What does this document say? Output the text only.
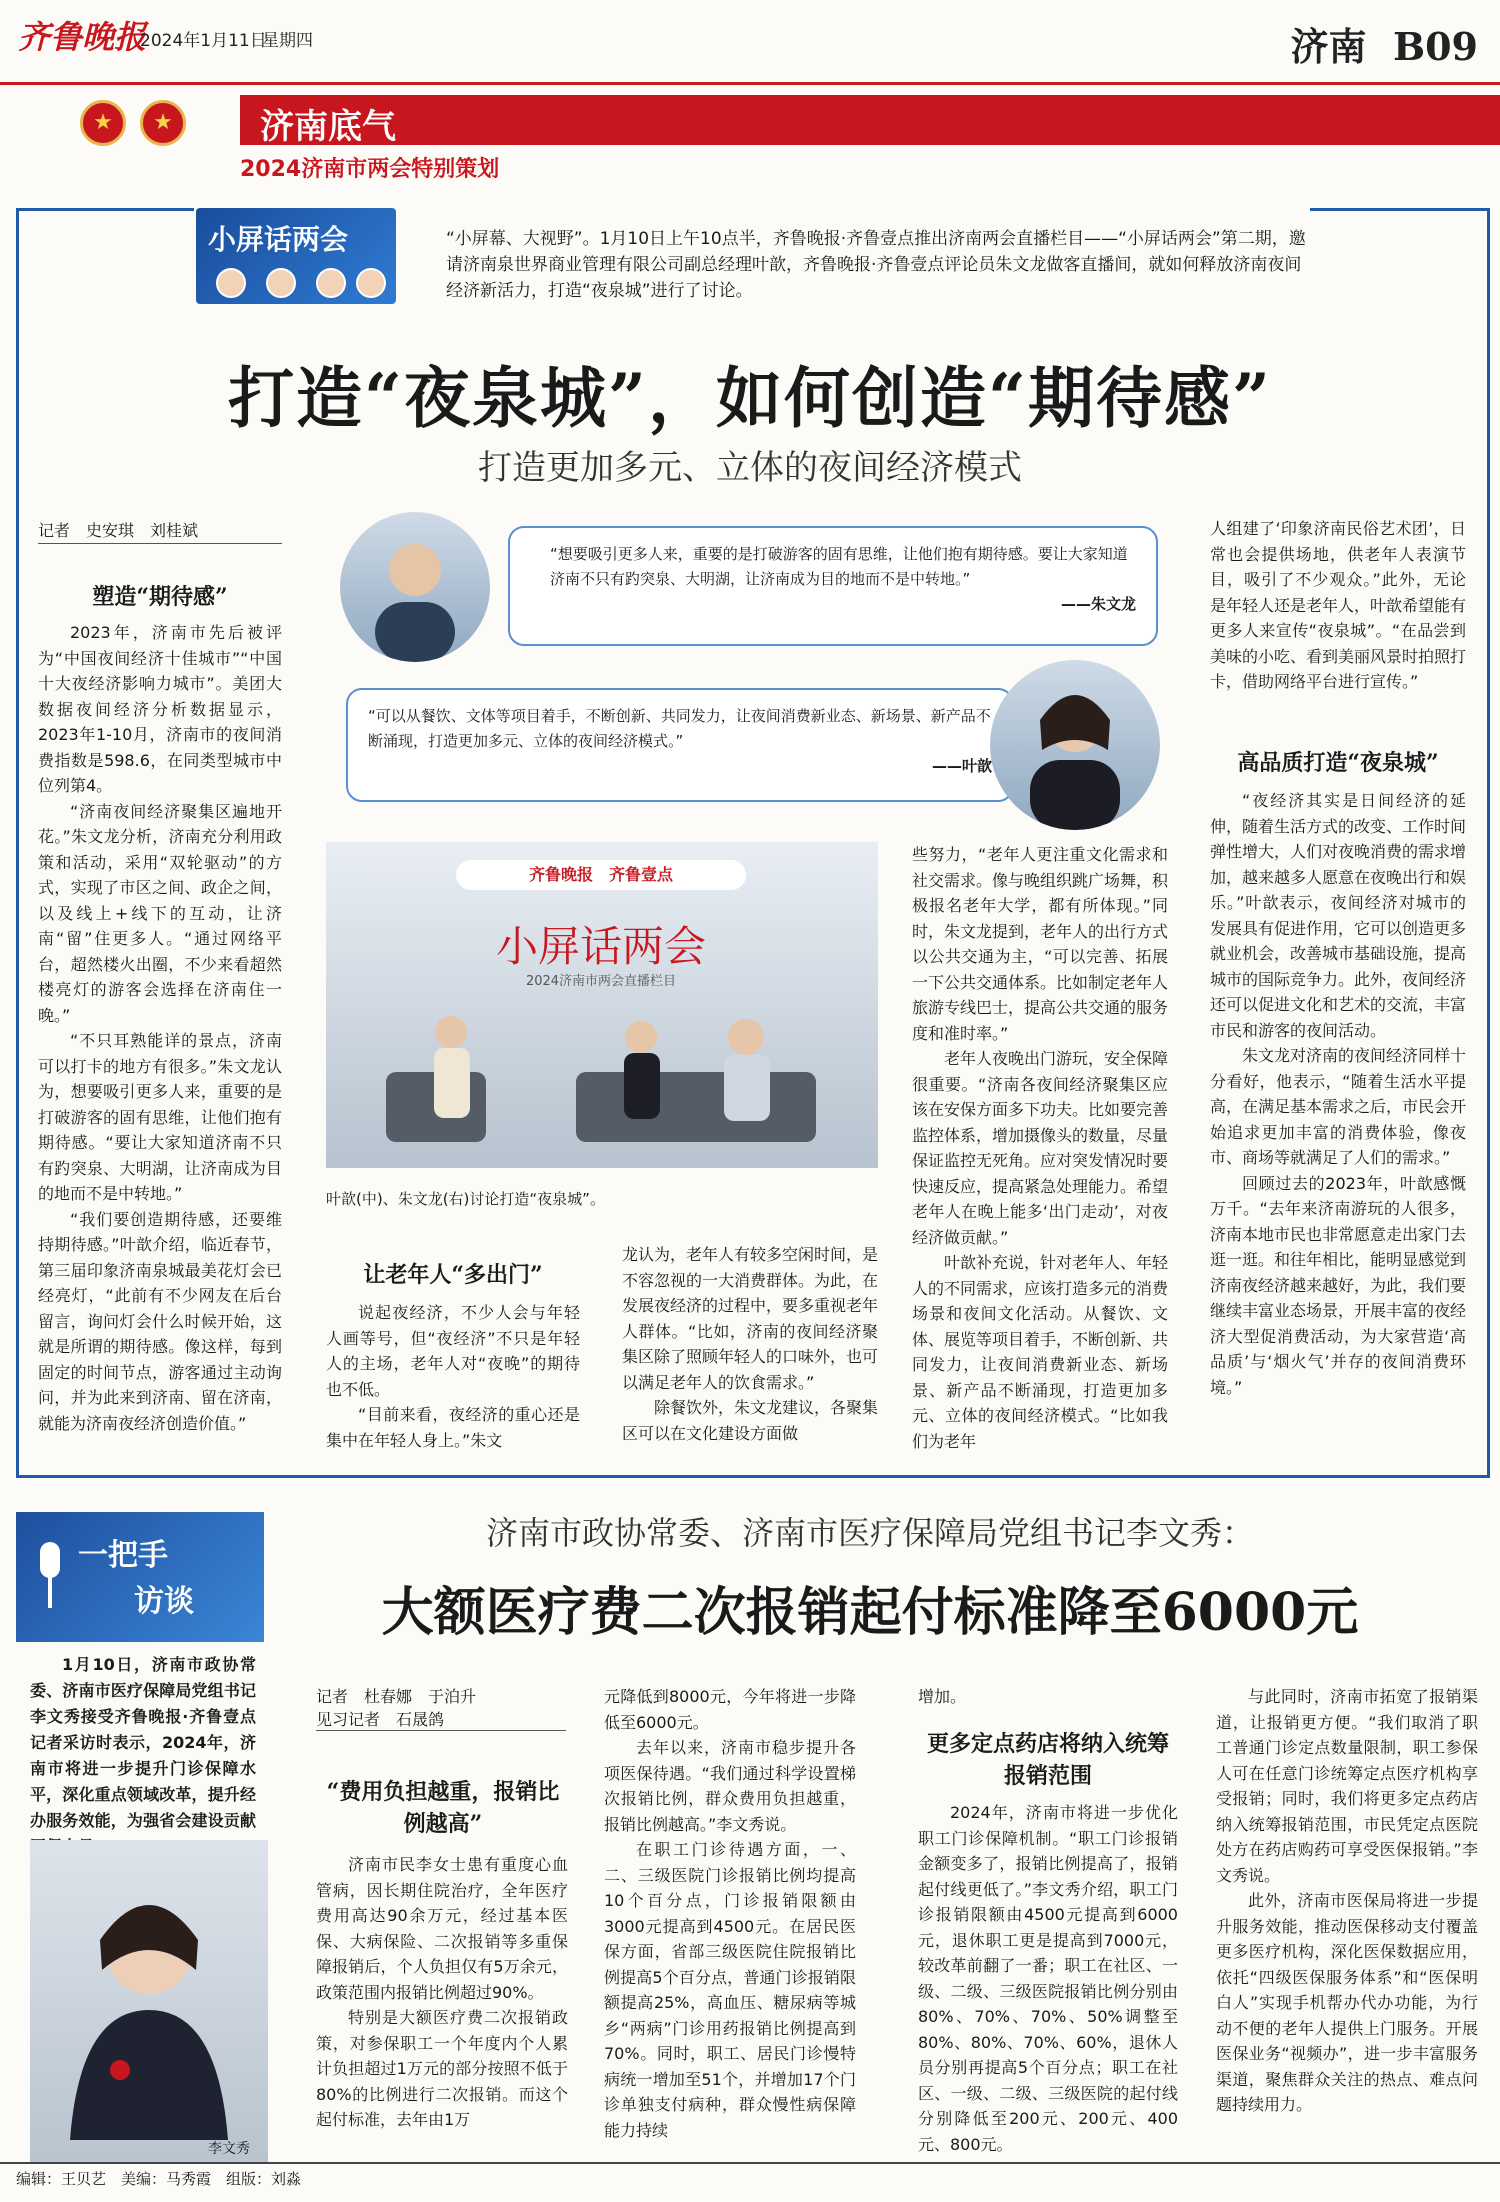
齐鲁晚报
2024年1月11日
星期四	济南 B09
★
★
济南底气
2024济南市两会特别策划
小屏话两会	“小屏幕、大视野”。1月10日上午10点半，齐鲁晚报·齐鲁壹点推出济南两会直播栏目——“小屏话两会”第二期，邀请济南泉世界商业管理有限公司副总经理叶歆，齐鲁晚报·齐鲁壹点评论员朱文龙做客直播间，就如何释放济南夜间经济新活力，打造“夜泉城”进行了讨论。
打造“夜泉城”，如何创造“期待感”
打造更加多元、立体的夜间经济模式
记者　史安琪　刘桂斌
“想要吸引更多人来，重要的是打破游客的固有思维，让他们抱有期待感。要让大家知道济南不只有趵突泉、大明湖，让济南成为目的地而不是中转地。”
——朱文龙
“可以从餐饮、文体等项目着手，不断创新、共同发力，让夜间消费新业态、新场景、新产品不断涌现，打造更加多元、立体的夜间经济模式。”
——叶歆
塑造“期待感”

2023年，济南市先后被评为“中国夜间经济十佳城市”“中国十大夜经济影响力城市”。美团大数据夜间经济分析数据显示，2023年1-10月，济南市的夜间消费指数是598.6，在同类型城市中位列第4。

“济南夜间经济聚集区遍地开花。”朱文龙分析，济南充分利用政策和活动，采用“双轮驱动”的方式，实现了市区之间、政企之间，以及线上+线下的互动，让济南“留”住更多人。“通过网络平台，超然楼火出圈，不少来看超然楼亮灯的游客会选择在济南住一晚。”

“不只耳熟能详的景点，济南可以打卡的地方有很多。”朱文龙认为，想要吸引更多人来，重要的是打破游客的固有思维，让他们抱有期待感。“要让大家知道济南不只有趵突泉、大明湖，让济南成为目的地而不是中转地。”

“我们要创造期待感，还要维持期待感。”叶歆介绍，临近春节，第三届印象济南泉城最美花灯会已经亮灯，“此前有不少网友在后台留言，询问灯会什么时候开始，这就是所谓的期待感。像这样，每到固定的时间节点，游客通过主动询问，并为此来到济南、留在济南，就能为济南夜经济创造价值。”

齐鲁晚报　齐鲁壹点
小屏话两会
2024济南市两会直播栏目
叶歆(中)、朱文龙(右)讨论打造“夜泉城”。
让老年人“多出门”

说起夜经济，不少人会与年轻人画等号，但“夜经济”不只是年轻人的主场，老年人对“夜晚”的期待也不低。

“目前来看，夜经济的重心还是集中在年轻人身上。”朱文

龙认为，老年人有较多空闲时间，是不容忽视的一大消费群体。为此，在发展夜经济的过程中，要多重视老年人群体。“比如，济南的夜间经济聚集区除了照顾年轻人的口味外，也可以满足老年人的饮食需求。”

除餐饮外，朱文龙建议，各聚集区可以在文化建设方面做

些努力，“老年人更注重文化需求和社交需求。像与晚组织跳广场舞，积极报名老年大学，都有所体现。”同时，朱文龙提到，老年人的出行方式以公共交通为主，“可以完善、拓展一下公共交通体系。比如制定老年人旅游专线巴士，提高公共交通的服务度和准时率。”

老年人夜晚出门游玩，安全保障很重要。“济南各夜间经济聚集区应该在安保方面多下功夫。比如要完善监控体系，增加摄像头的数量，尽量保证监控无死角。应对突发情况时要快速反应，提高紧急处理能力。希望老年人在晚上能多‘出门走动’，对夜经济做贡献。”

叶歆补充说，针对老年人、年轻人的不同需求，应该打造多元的消费场景和夜间文化活动。从餐饮、文体、展览等项目着手，不断创新、共同发力，让夜间消费新业态、新场景、新产品不断涌现，打造更加多元、立体的夜间经济模式。“比如我们为老年

人组建了‘印象济南民俗艺术团’，日常也会提供场地，供老年人表演节目，吸引了不少观众。”此外，无论是年轻人还是老年人，叶歆希望能有更多人来宣传“夜泉城”。“在品尝到美味的小吃、看到美丽风景时拍照打卡，借助网络平台进行宣传。”

高品质打造“夜泉城”

“夜经济其实是日间经济的延伸，随着生活方式的改变、工作时间弹性增大，人们对夜晚消费的需求增加，越来越多人愿意在夜晚出行和娱乐。”叶歆表示，夜间经济对城市的发展具有促进作用，它可以创造更多就业机会，改善城市基础设施，提高城市的国际竞争力。此外，夜间经济还可以促进文化和艺术的交流，丰富市民和游客的夜间活动。

朱文龙对济南的夜间经济同样十分看好，他表示，“随着生活水平提高，在满足基本需求之后，市民会开始追求更加丰富的消费体验，像夜市、商场等就满足了人们的需求。”

回顾过去的2023年，叶歆感慨万千。“去年来济南游玩的人很多，济南本地市民也非常愿意走出家门去逛一逛。和往年相比，能明显感觉到济南夜经济越来越好，为此，我们要继续丰富业态场景，开展丰富的夜经济大型促消费活动，为大家营造‘高品质’与‘烟火气’并存的夜间消费环境。”

一把手
访谈
1月10日，济南市政协常委、济南市医疗保障局党组书记李文秀接受齐鲁晚报·齐鲁壹点记者采访时表示，2024年，济南市将进一步提升门诊保障水平，深化重点领域改革，提升经办服务效能，为强省会建设贡献
李文秀
济南市政协常委、济南市医疗保障局党组书记李文秀：
大额医疗费二次报销起付标准降至6000元
记者　杜春娜　于泊升
见习记者　石晟鸽
“费用负担越重，报销比例越高”

济南市民李女士患有重度心血管病，因长期住院治疗，全年医疗费用高达90余万元，经过基本医保、大病保险、二次报销等多重保障报销后，个人负担仅有5万余元，政策范围内报销比例超过90%。

特别是大额医疗费二次报销政策，对参保职工一个年度内个人累计负担超过1万元的部分按照不低于80%的比例进行二次报销。而这个起付标准，去年由1万

元降低到8000元，今年将进一步降低至6000元。

去年以来，济南市稳步提升各项医保待遇。“我们通过科学设置梯次报销比例，群众费用负担越重，报销比例越高。”李文秀说。

在职工门诊待遇方面，一、二、三级医院门诊报销比例均提高10个百分点，门诊报销限额由3000元提高到4500元。在居民医保方面，省部三级医院住院报销比例提高5个百分点，普通门诊报销限额提高25%，高血压、糖尿病等城乡“两病”门诊用药报销比例提高到70%。同时，职工、居民门诊慢特病统一增加至51个，并增加17个门诊单独支付病种，群众慢性病保障能力持续

增加。

更多定点药店将纳入统筹报销范围

2024年，济南市将进一步优化职工门诊保障机制。“职工门诊报销金额变多了，报销比例提高了，报销起付线更低了。”李文秀介绍，职工门诊报销限额由4500元提高到6000元，退休职工更是提高到7000元，较改革前翻了一番；职工在社区、一级、二级、三级医院报销比例分别由80%、70%、70%、50%调整至80%、80%、70%、60%，退休人员分别再提高5个百分点；职工在社区、一级、二级、三级医院的起付线分别降低至200元、200元、400元、800元。

与此同时，济南市拓宽了报销渠道，让报销更方便。“我们取消了职工普通门诊定点数量限制，职工参保人可在任意门诊统筹定点医疗机构享受报销；同时，我们将更多定点药店纳入统筹报销范围，市民凭定点医院处方在药店购药可享受医保报销。”李文秀说。

此外，济南市医保局将进一步提升服务效能，推动医保移动支付覆盖更多医疗机构，深化医保数据应用，依托“四级医保服务体系”和“医保明白人”实现手机帮办代办功能，为行动不便的老年人提供上门服务。开展医保业务“视频办”，进一步丰富服务渠道，聚焦群众关注的热点、难点问题持续用力。

编辑：王贝艺　美编：马秀霞　组版：刘淼
